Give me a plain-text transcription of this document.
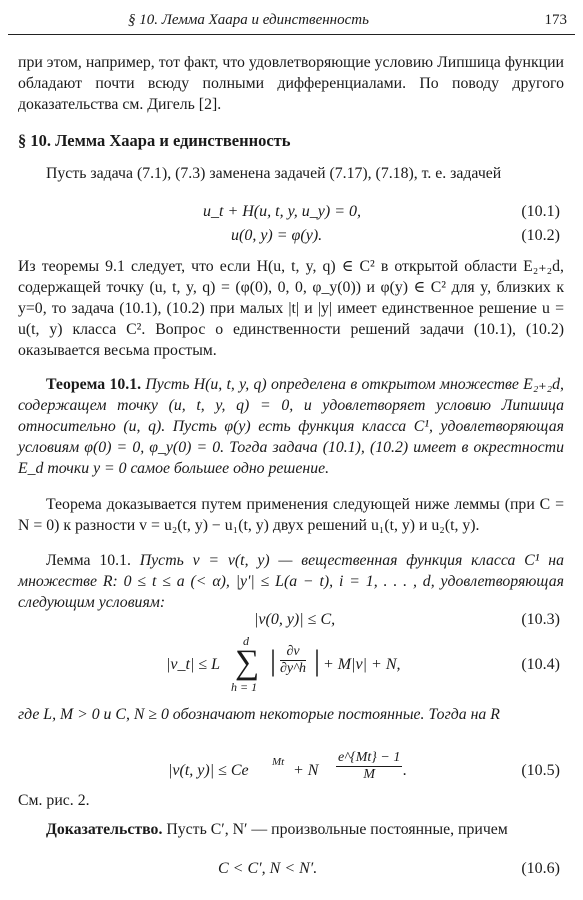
§ 10. Лемма Хаара и единственность	173
при этом, например, тот факт, что удовлетворяющие условию Липшица функции обладают почти всюду полными дифференциалами. По поводу другого доказательства см. Дигель [2].
§ 10. Лемма Хаара и единственность
Пусть задача (7.1), (7.3) заменена задачей (7.17), (7.18), т. е. задачей
u_t + H(u, t, y, u_y) = 0,	(10.1)
u(0, y) = φ(y).	(10.2)
Из теоремы 9.1 следует, что если H(u, t, y, q) ∈ C² в открытой области E₂₊₂d, содержащей точку (u, t, y, q) = (φ(0), 0, 0, φ_y(0)) и φ(y) ∈ C² для y, близких к y=0, то задача (10.1), (10.2) при малых |t| и |y| имеет единственное решение u = u(t, y) класса C². Вопрос о единственности решений задачи (10.1), (10.2) оказывается весьма простым.
Теорема 10.1. Пусть H(u, t, y, q) определена в открытом множестве E₂₊₂d, содержащем точку (u, t, y, q) = 0, и удовлетворяет условию Липшица относительно (u, q). Пусть φ(y) есть функция класса C¹, удовлетворяющая условиям φ(0) = 0, φ_y(0) = 0. Тогда задача (10.1), (10.2) имеет в окрестности E_d точки y = 0 самое большее одно решение.
Теорема доказывается путем применения следующей ниже леммы (при C = N = 0) к разности v = u₂(t, y) − u₁(t, y) двух решений u₁(t, y) и u₂(t, y).
Лемма 10.1. Пусть v = v(t, y) — вещественная функция класса C¹ на множестве R: 0 ≤ t ≤ a (< α), |y'| ≤ L(a − t), i = 1, . . . , d, удовлетворяющая следующим условиям:
|v(0, y)| ≤ C,	(10.3)
|v_t| ≤ L
d
∑
h = 1
| $\frac{\partial v}{\partial y\^{}h}$ | + M|v| + N,	(10.4)
где L, M > 0 и C, N ≥ 0 обозначают некоторые постоянные. Тогда на R
|v(t, y)| ≤ Ce Mt + N $\frac{e\^{}\{Mt\} - 1}{M}$ .	(10.5)
См. рис. 2.
Доказательство. Пусть C′, N′ — произвольные постоянные, причем
C < C′, N < N′.	(10.6)
